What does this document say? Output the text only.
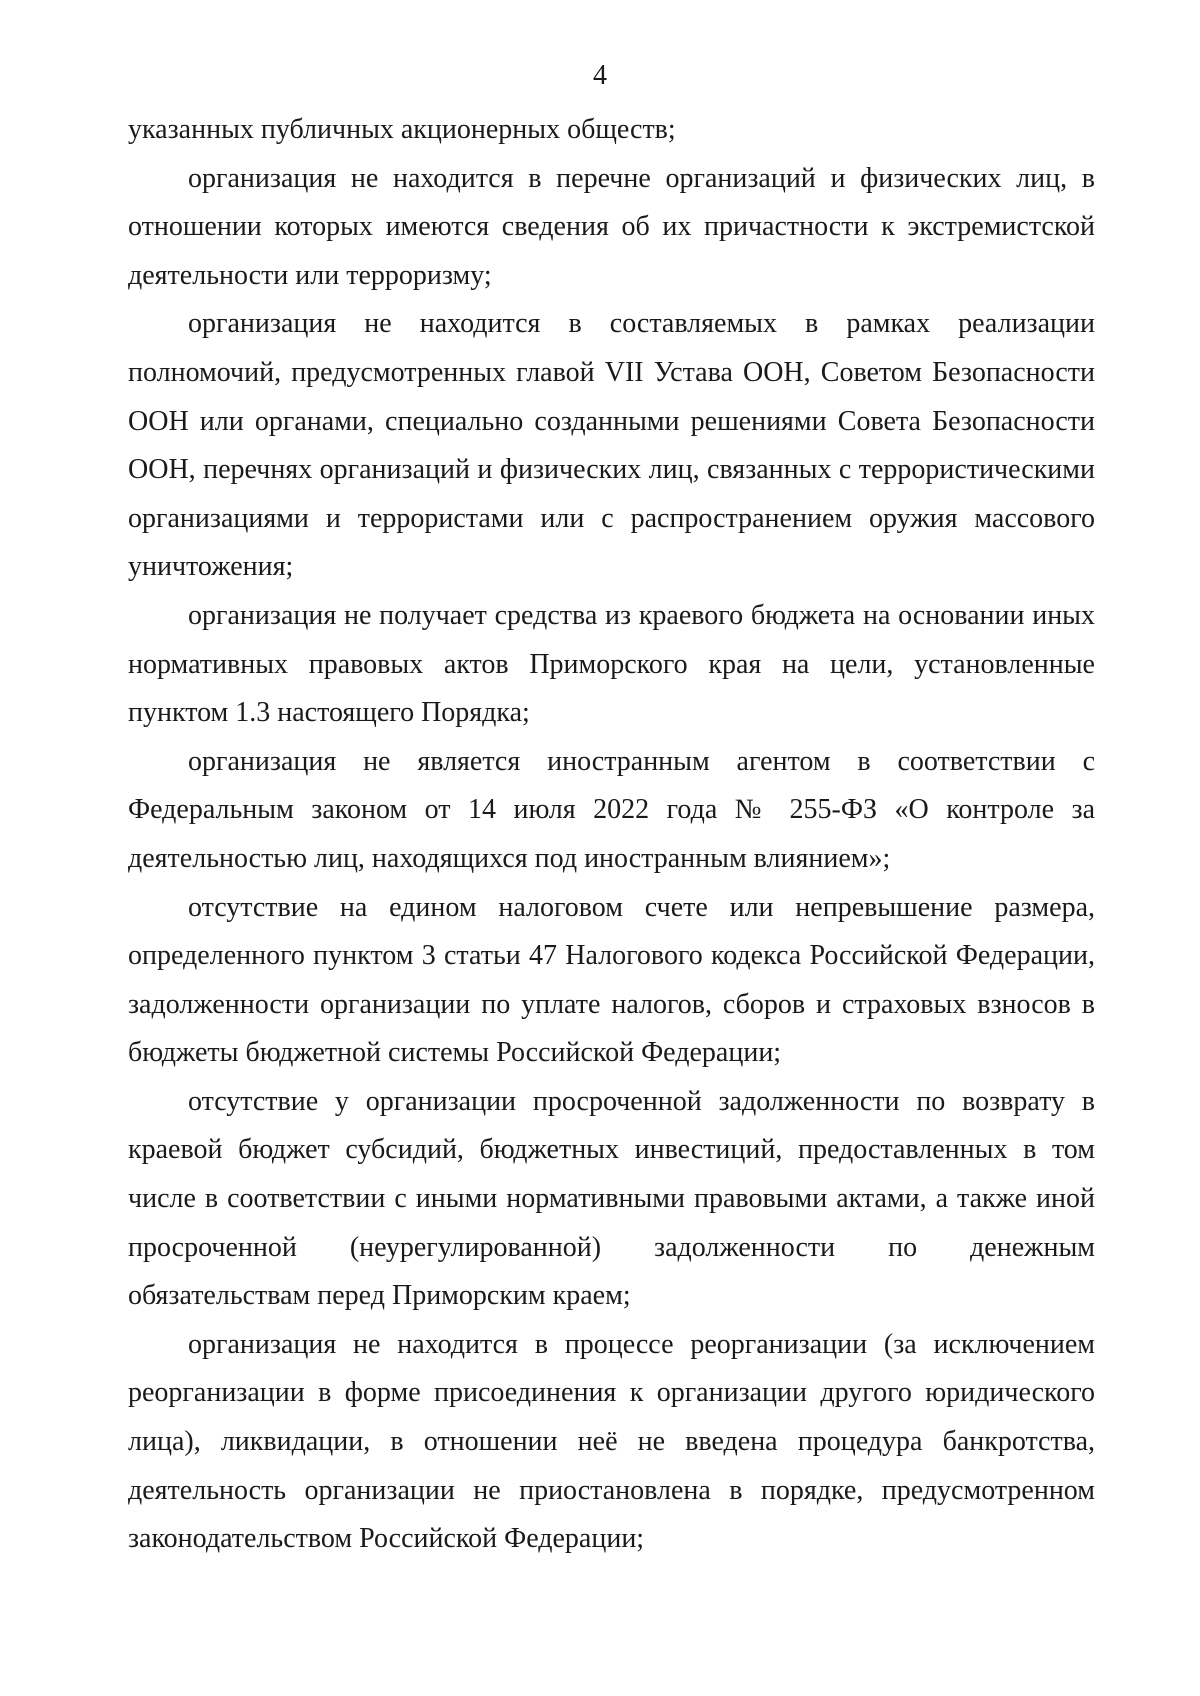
4

указанных публичных акционерных обществ;

организация не находится в перечне организаций и физических лиц, в отношении которых имеются сведения об их причастности к экстремистской деятельности или терроризму;

организация не находится в составляемых в рамках реализации полномочий, предусмотренных главой VII Устава ООН, Советом Безопасности ООН или органами, специально созданными решениями Совета Безопасности ООН, перечнях организаций и физических лиц, связанных с террористическими организациями и террористами или с распространением оружия массового уничтожения;

организация не получает средства из краевого бюджета на основании иных нормативных правовых актов Приморского края на цели, установленные пунктом 1.3 настоящего Порядка;

организация не является иностранным агентом в соответствии с Федеральным законом от 14 июля 2022 года № 255-ФЗ «О контроле за деятельностью лиц, находящихся под иностранным влиянием»;

отсутствие на едином налоговом счете или непревышение размера, определенного пунктом 3 статьи 47 Налогового кодекса Российской Федерации, задолженности организации по уплате налогов, сборов и страховых взносов в бюджеты бюджетной системы Российской Федерации;

отсутствие у организации просроченной задолженности по возврату в краевой бюджет субсидий, бюджетных инвестиций, предоставленных в том числе в соответствии с иными нормативными правовыми актами, а также иной просроченной (неурегулированной) задолженности по денежным обязательствам перед Приморским краем;

организация не находится в процессе реорганизации (за исключением реорганизации в форме присоединения к организации другого юридического лица), ликвидации, в отношении неё не введена процедура банкротства, деятельность организации не приостановлена в порядке, предусмотренном законодательством Российской Федерации;
